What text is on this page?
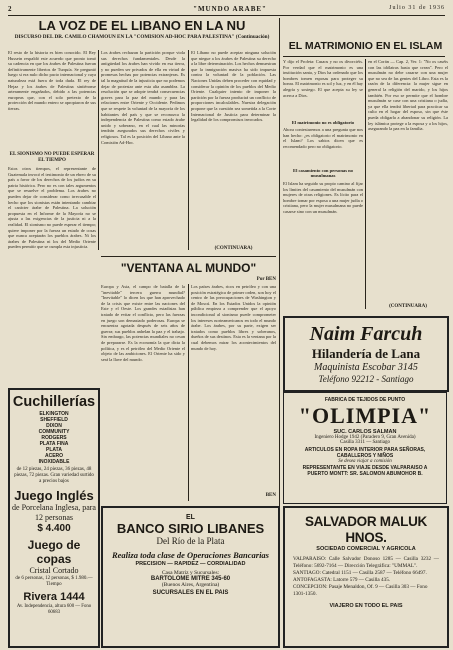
2	"MUNDO ARABE"	Julio 31 de 1936
LA VOZ DE EL LIBANO EN LA NU
DISCURSO DEL DR. CAMILO CHAMOUN EN LA "COMISION AD-HOC PARA PALESTINA" (Continuación)
El resto de la historia es bien conocido. El Rey Hussein respaldó este acuerdo que pronto tomó su cadencia en que los árabes de Palestina fueran definitivamente libertos de Turquía. Se preguntó luego si era nulo dicho pacto internacional y cuya naturaleza está fuera de toda duda. El rey de Hejaz y los árabes de Palestina sintiéronse arteramente engañados, debido a las potencias europeas que, con el solo pretexto de la protección del mundo entero se apropiaron de sus tierras.
EL SIONISMO NO PUEDE ESPERAR EL TIEMPO
Estos otros tiempos, el representante de Guatemala invocó el testimonio de un ebreo de su país a favor de los derechos de los judíos en su patria histórica. Pero no es con tales argumentos que se resuelve el problema. Los árabes no pueden dejar de considerar como irrecusable el hecho que los sionistas están intentando cambiar el carácter árabe de Palestina. La solución propuesta en el Informe de la Mayoría no se ajusta a las exigencias de la justicia ni a la realidad. El sionismo no puede esperar el tiempo; quiere imponer por la fuerza un estado de cosas que nunca aceptarán los pueblos árabes. Ni los árabes de Palestina ni los del Medio Oriente pueden permitir que se cumpla esta injusticia.
Los árabes rechazan la partición porque viola sus derechos fundamentales. Desde la antigüedad los árabes han vivido en esa tierra, y no pueden ser privados de ella en virtud de promesas hechas por potencias extranjeras. Es tal la magnitud de la injusticia que no podemos dejar de protestar ante esta alta asamblea. La resolución que se adopte tendrá consecuencias graves para la paz del mundo y para las relaciones entre Oriente y Occidente. Pedimos que se respete la voluntad de la mayoría de los habitantes del país y que se reconozca la independencia de Palestina como estado árabe unido y soberano, en el cual las minorías tendrán asegurados sus derechos civiles y religiosos. Tal es la posición del Líbano ante la Comisión Ad-Hoc.
El Líbano no puede aceptar ninguna solución que niegue a los árabes de Palestina su derecho a la libre determinación. Los hechos demuestran que la inmigración masiva ha sido impuesta contra la voluntad de la población. Las Naciones Unidas deben proceder con equidad y considerar la opinión de los pueblos del Medio Oriente. Cualquier intento de imponer la partición por la fuerza producirá un conflicto de proporciones incalculables. Nuestra delegación propone que la cuestión sea sometida a la Corte Internacional de Justicia para determinar la legalidad de los compromisos invocados.
(CONTINUARA)
"VENTANA AL MUNDO"
Por BEN
Europa y Asia, el campo de batalla de la "inevitable" tercera guerra mundial? "Inevitable" lo dicen los que han aprovechado de la crisis que existe entre las naciones del Este y el Oeste. Los grandes estadistas han tratado de evitar el conflicto, pero las fuerzas en juego son demasiado poderosas. Europa se encuentra agotada después de seis años de guerra; sus pueblos anhelan la paz y el trabajo. Sin embargo, las potencias mundiales no cesan de prepararse. Es la economía la que dicta la política, y es el petróleo del Medio Oriente el objeto de las ambiciones. El Oriente ha sido y será la llave del mundo.
Los países árabes, ricos en petróleo y con una posición estratégica de primer orden, son hoy el centro de las preocupaciones de Washington y de Moscú. En los Estados Unidos la opinión pública empieza a comprender que el apoyo incondicional al sionismo puede comprometer los intereses norteamericanos en todo el mundo árabe. Los árabes, por su parte, exigen ser tratados como pueblos libres y soberanos, dueños de sus destinos. Esta es la ventana por la cual debemos mirar los acontecimientos del mundo de hoy.
BEN
EL MATRIMONIO EN EL ISLAM
Y dijo el Profeta: Casaos y no os divorciéis. Por verdad que el matrimonio es una institución santa, y Dios ha ordenado que los hombres tomen esposas para proteger su honra. El matrimonio es sol y luz, y en él hay alegría y sosiego. El que acepta su ley se acerca a Dios.
El matrimonio no es obligatorio
Ahora contestaremos a una pregunta que nos han hecho: ¿es obligatorio el matrimonio en el Islam? Los sabios dicen que es recomendado pero no obligatorio.
El casamiento con personas no musulmanas
El Islam ha seguido su propio camino al fijar los límites del casamiento del musulmán con mujeres de otras religiones. Es lícito para el hombre tomar por esposa a una mujer judía o cristiana, pero la mujer musulmana no puede casarse sino con un musulmán.
en el Corán — Cap. 2, Ver. 1: "No os caséis con las idólatras hasta que crean". Pero el musulmán no debe casarse con una mujer que no sea de las gentes del Libro. Esta es la razón de la diferencia: la mujer sigue en general la religión del marido, y los hijos también. Por eso se permite que el hombre musulmán se case con una cristiana o judía, ya que ella tendrá libertad para practicar su culto en el hogar del esposo, sin que éste pueda obligarla a abandonar su religión. La ley islámica protege a la esposa y a los hijos, asegurando la paz en la familia.
(CONTINUARA)
Naim Farcuh
Hilandería de Lana
Maquinista Escobar 3145
Teléfono 92212 - Santiago
FABRICA DE TEJIDOS DE PUNTO
"OLIMPIA"
SUC. CARLOS SALMAN
Ingeniero Hodge 1942 (Paradero 9, Gran Avenida)
Casilla 3311 — Santiago
ARTICULOS EN ROPA INTERIOR PARA SEÑORAS, CABALLEROS Y NIÑOS
Se desea viajar a comisión
REPRESENTANTE EN VIAJE DESDE VALPARAISO A PUERTO MONTT: SR. SALOMON ABUMOHOR B.
SALVADOR MALUK HNOS.
SOCIEDAD COMERCIAL Y AGRICOLA
VALPARAISO: Calle Salvador Donoso 1285 — Casilla 3232 — Teléfono: 5692-7164 — Dirección Telegráfica: "UMMAL".
SANTIAGO: Catedral 1151 — Casilla 2587 — Teléfono 66497.
ANTOFAGASTA: Latorre 579 — Casilla 435.
CONCEPCION: Pasaje Menaldon, Of. 9 — Casilla 303 — Fono 1301-1350.
VIAJERO EN TODO EL PAIS
Cuchillerías
ELKINGTON
SHEFFIELD
DIXON
COMMUNITY
RODGERS
PLATA FINA
PLATA
ACERO
INOXIDABLE
de 12 piezas, 24 piezas, 36 piezas, 48 piezas, 72 piezas. Gran variedad surtido a precios bajos
Juego Inglés
de Porcelana Inglesa, para 12 personas
$ 4.400
Juego de copas
Cristal Cortado
de 6 personas, 12 personas, $ 1.980.— Tiempo
Rivera 1444
Av. Independencia, altura 600 — Fono 60683
EL
BANCO SIRIO LIBANES
Del Río de la Plata
Realiza toda clase de Operaciones Bancarias
PRECISION — RAPIDEZ — CORDIALIDAD
Casa Matriz y Sucursales:
BARTOLOME MITRE 345-60
(Buenos Aires, Argentina)
SUCURSALES EN EL PAIS
